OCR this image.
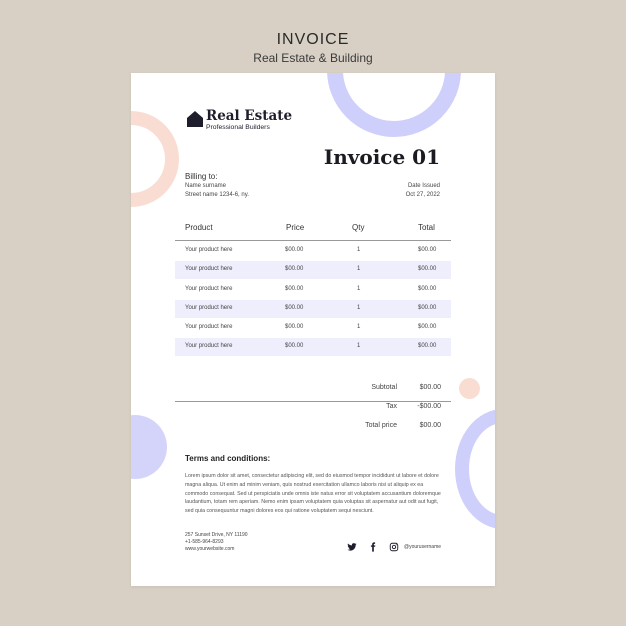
INVOICE
Real Estate & Building
Real Estate
Professional Builders
Invoice 01
Billing to:
Name surname
Street name 1234-6, ny.
Date Issued
Oct 27, 2022
Product	Price	Qty	Total
Your product here	$00.00	1	$00.00
Your product here	$00.00	1	$00.00
Your product here	$00.00	1	$00.00
Your product here	$00.00	1	$00.00
Your product here	$00.00	1	$00.00
Your product here	$00.00	1	$00.00
Subtotal	$00.00
Tax	-$00.00
Total price	$00.00
Terms and conditions:
Lorem ipsum dolor sit amet, consectetur adipiscing elit, sed do eiusmod tempor incididunt ut labore et dolore magna aliqua. Ut enim ad minim veniam, quis nostrud exercitation ullamco laboris nisi ut aliquip ex ea commodo consequat. Sed ut perspiciatis unde omnis iste natus error sit voluptatem accusantium doloremque laudantium, totam rem aperiam. Nemo enim ipsam voluptatem quia voluptas sit aspernatur aut odit aut fugit, sed quia consequuntur magni dolores eos qui ratione voluptatem sequi nesciunt.
257 Sunset Drive, NY 11190
+1-585-964-8293
www.yourwebsite.com	@yourusername
